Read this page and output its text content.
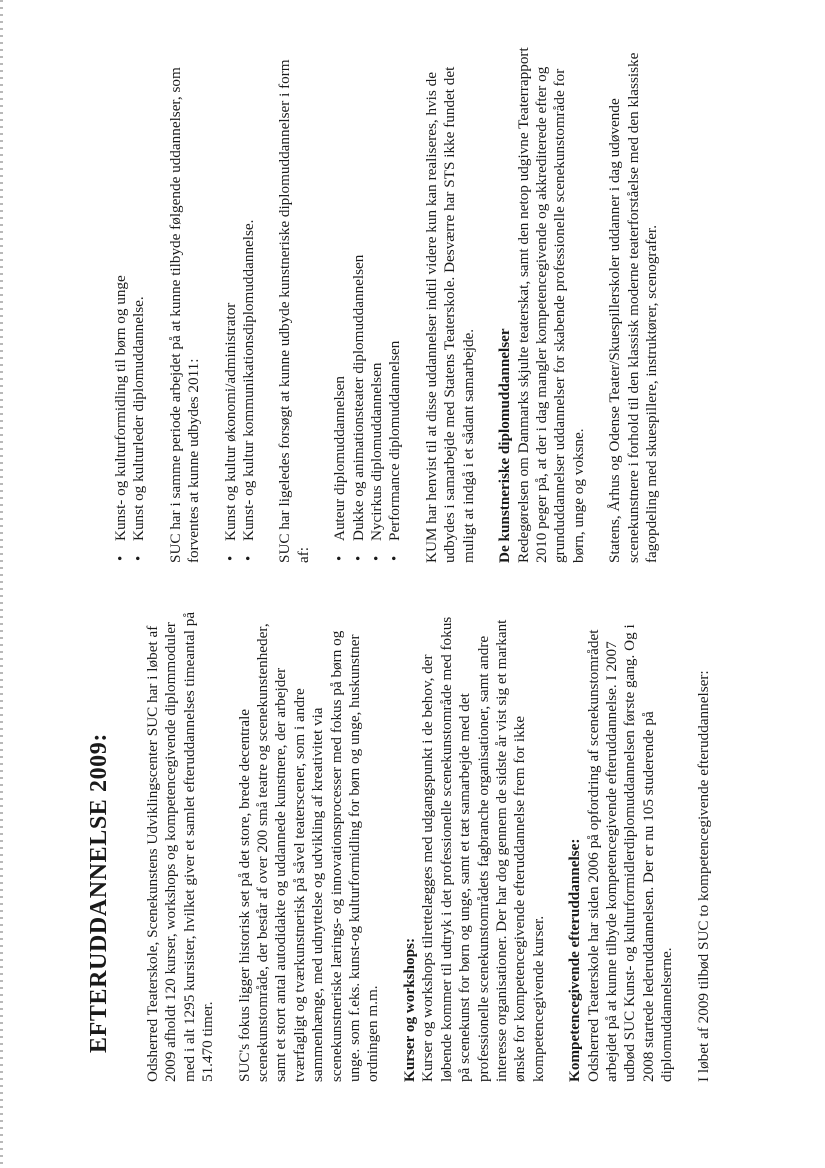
EFTERUDDANNELSE 2009: Odsherred Teaterskole, Scenekunstens Udviklingscenter SUC har i løbet af 2009 afholdt 120 kurser, workshops og kompetencegivende diplommoduler med i alt 1295 kursister, hvilket giver et samlet efteruddannelses timeantal på 51.470 timer. SUC's fokus ligger historisk set på det store, brede decentrale scenekunstområde, der består af over 200 små teatre og scenekunstenheder, samt et stort antal autodidakte og uddannede kunstnere, der arbejder tværfagligt og tværkunstnerisk på såvel teaterscener, som i andre sammenhænge, med udnyttelse og udvikling af kreativitet via scenekunstneriske lærings- og innovationsprocesser med fokus på børn og unge. som f.eks. kunst-og kulturformidling for børn og unge, huskunstner ordningen m.m. Kurser og workshops: Kurser og workshops tilrettelægges med udgangspunkt i de behov, der løbende kommer til udtryk i det professionelle scenekunstområde med fokus på scenekunst for børn og unge, samt et tæt samarbejde med det professionelle scenekunstområdets fagbranche organisationer, samt andre interesse organisationer. Der har dog gennem de sidste år vist sig et markant ønske for kompetencegivende efteruddannelse frem for ikke kompetencegivende kurser. Kompetencegivende efteruddannelse: Odsherred Teaterskole har siden 2006 på opfordring af scenekunstområdet arbejdet på at kunne tilbyde kompetencegivende efteruddannelse. I 2007 udbød SUC Kunst- og kulturformidlerdiplomuddannelsen første gang. Og i 2008 startede lederuddannelsen. Der er nu 105 studerende på diplomuddannelserne. I løbet af 2009 tilbød SUC to kompetencegivende efteruddannelser:

•
Kunst- og kulturformidling til børn og unge
•
Kunst og kulturleder diplomuddannelse. SUC har i samme periode arbejdet på at kunne tilbyde følgende uddannelser, som forventes at kunne udbydes 2011: •
Kunst og kultur økonomi/administrator
•
Kunst- og kultur kommunikationsdiplomuddannelse. SUC har ligeledes forsøgt at kunne udbyde kunstneriske diplomuddannelser i form af: •
Auteur diplomuddannelsen
•
Dukke og animationsteater diplomuddannelsen
•
Nycirkus diplomuddannelsen
•
Performance diplomuddannelsen KUM har henvist til at disse uddannelser indtil videre kun kan realiseres, hvis de udbydes i samarbejde med Statens Teaterskole. Desværre har STS ikke fundet det muligt at indgå i et sådant samarbejde. De kunstneriske diplomuddannelser Redegørelsen om Danmarks skjulte teaterskat, samt den netop udgivne Teaterrapport 2010 peger på, at der i dag mangler kompetencegivende og akkrediterede efter og grunduddannelser uddannelser for skabende professionelle scenekunstområde for børn, unge og voksne. Statens, Århus og Odense Teater/Skuespillerskoler uddanner i dag udøvende scenekunstnere i forhold til den klassisk moderne teaterforståelse med den klassiske fagopdeling med skuespillere, instruktører, scenografer.
